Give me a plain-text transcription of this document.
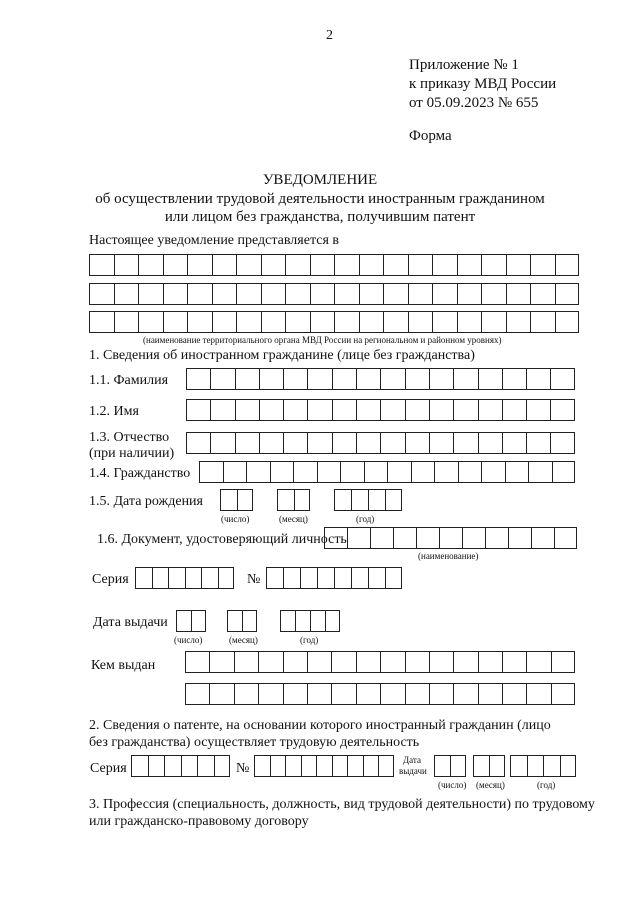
2
Приложение № 1
к приказу МВД России
от 05.09.2023 № 655
Форма
УВЕДОМЛЕНИЕ
об осуществлении трудовой деятельности иностранным гражданином
или лицом без гражданства, получившим патент
Настоящее уведомление представляется в
(наименование территориального органа МВД России на региональном и районном уровнях)
1. Сведения об иностранном гражданине (лице без гражданства)
1.1. Фамилия
1.2. Имя
1.3. Отчество
(при наличии)
1.4. Гражданство
1.5. Дата рождения
(число)	(месяц)	(год)
1.6. Документ, удостоверяющий личность
(наименование)
Серия	№
Дата выдачи
(число)	(месяц)	(год)
Кем выдан
2. Сведения о патенте, на основании которого иностранный гражданин (лицо
без гражданства) осуществляет трудовую деятельность
Серия	№
Дата
выдачи
(число) (месяц)	(год)
3. Профессия (специальность, должность, вид трудовой деятельности) по трудовому
или гражданско-правовому договору
